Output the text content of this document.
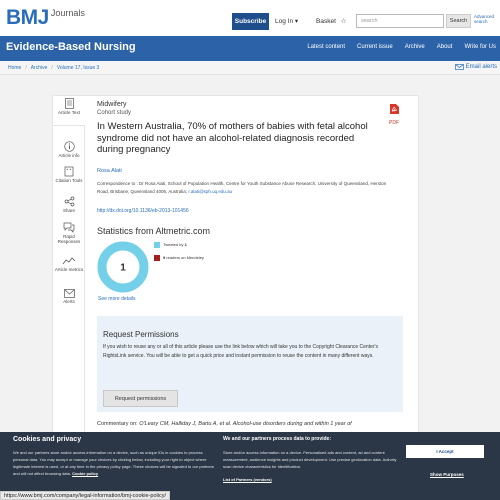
BMJ Journals
Subscribe	Log In ▾	Basket ☆	search	Search
Advanced search
Evidence-Based Nursing	Latest content Current issue Archive About Write for Us
Home / Archive / Volume 17, Issue 3	Email alerts
Article Text
Article info
Citation Tools
Share
Rapid Responses
Article metrics
Alerts
Midwifery
Cohort study
PDF
In Western Australia, 70% of mothers of babies with fetal alcohol syndrome did not have an alcohol-related diagnosis recorded during pregnancy
Rosa Alati
Correspondence to : Dr Rosa Alati, School of Population Health, Centre for Youth Substance Abuse Research, University of Queensland, Herston Road, Brisbane, Queensland 4006, Australia; r.alati@sph.uq.edu.au
http://dx.doi.org/10.1136/eb-2013-101456
Statistics from Altmetric.com
1
Tweeted by 1
9 readers on Mendeley
See more details
Request Permissions
If you wish to reuse any or all of this article please use the link below which will take you to the Copyright Clearance Center's RightsLink service. You will be able to get a quick price and instant permission to reuse the content in many different ways.
Request permissions
Commentary on: O'Leary CM, Halliday J, Bartu A, et al. Alcohol-use disorders during and within 1 year of
Cookies and privacy
We and our partners store and/or access information on a device, such as unique IDs in cookies to process personal data. You may accept or manage your choices by clicking below, including your right to object where legitimate interest is used, or at any time in the privacy policy page. These choices will be signaled to our partners and will not affect browsing data. Cookie policy
We and our partners process data to provide:
Store and/or access information on a device. Personalised ads and content, ad and content measurement, audience insights and product development. Use precise geolocation data. Actively scan device characteristics for identification.
List of Partners (vendors)
I Accept
Show Purposes
https://www.bmj.com/company/legal-information/bmj-cookie-policy/
